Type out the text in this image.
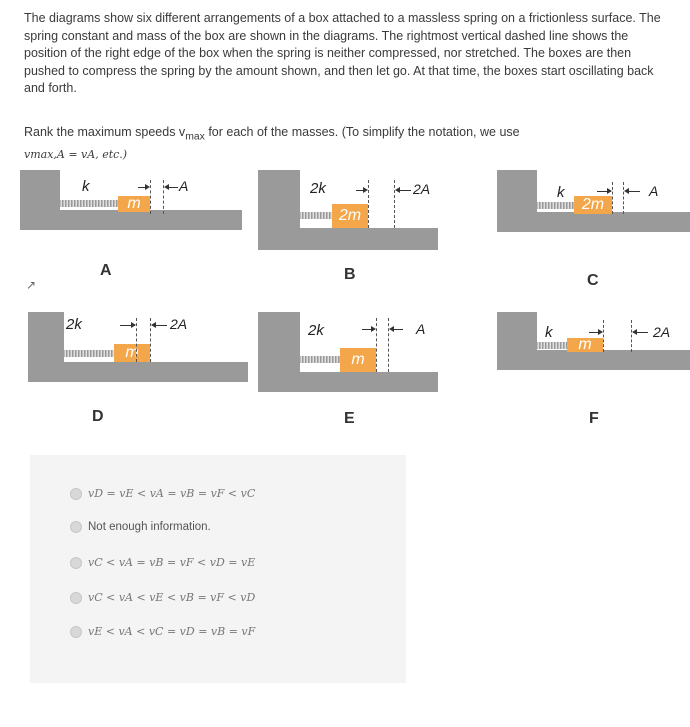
The diagrams show six different arrangements of a box attached to a massless spring on a frictionless surface. The spring constant and mass of the box are shown in the diagrams. The rightmost vertical dashed line shows the position of the right edge of the box when the spring is neither compressed, nor stretched. The boxes are then pushed to compress the spring by the amount shown, and then let go. At that time, the boxes start oscillating back and forth.
Rank the maximum speeds $v_{max}$ for each of the masses. (To simplify the notation, we use
vmax,A = vA, etc.)
↗
m
k	A
A
2m
2k	2A
B
2m
k	A
C
m
2k	2A
D
m
2k	A
E
m
k	2A
F
vD = vE < vA = vB = vF < vC
Not enough information.
vC < vA = vB = vF < vD = vE
vC < vA < vE < vB = vF < vD
vE < vA < vC = vD = vB = vF
